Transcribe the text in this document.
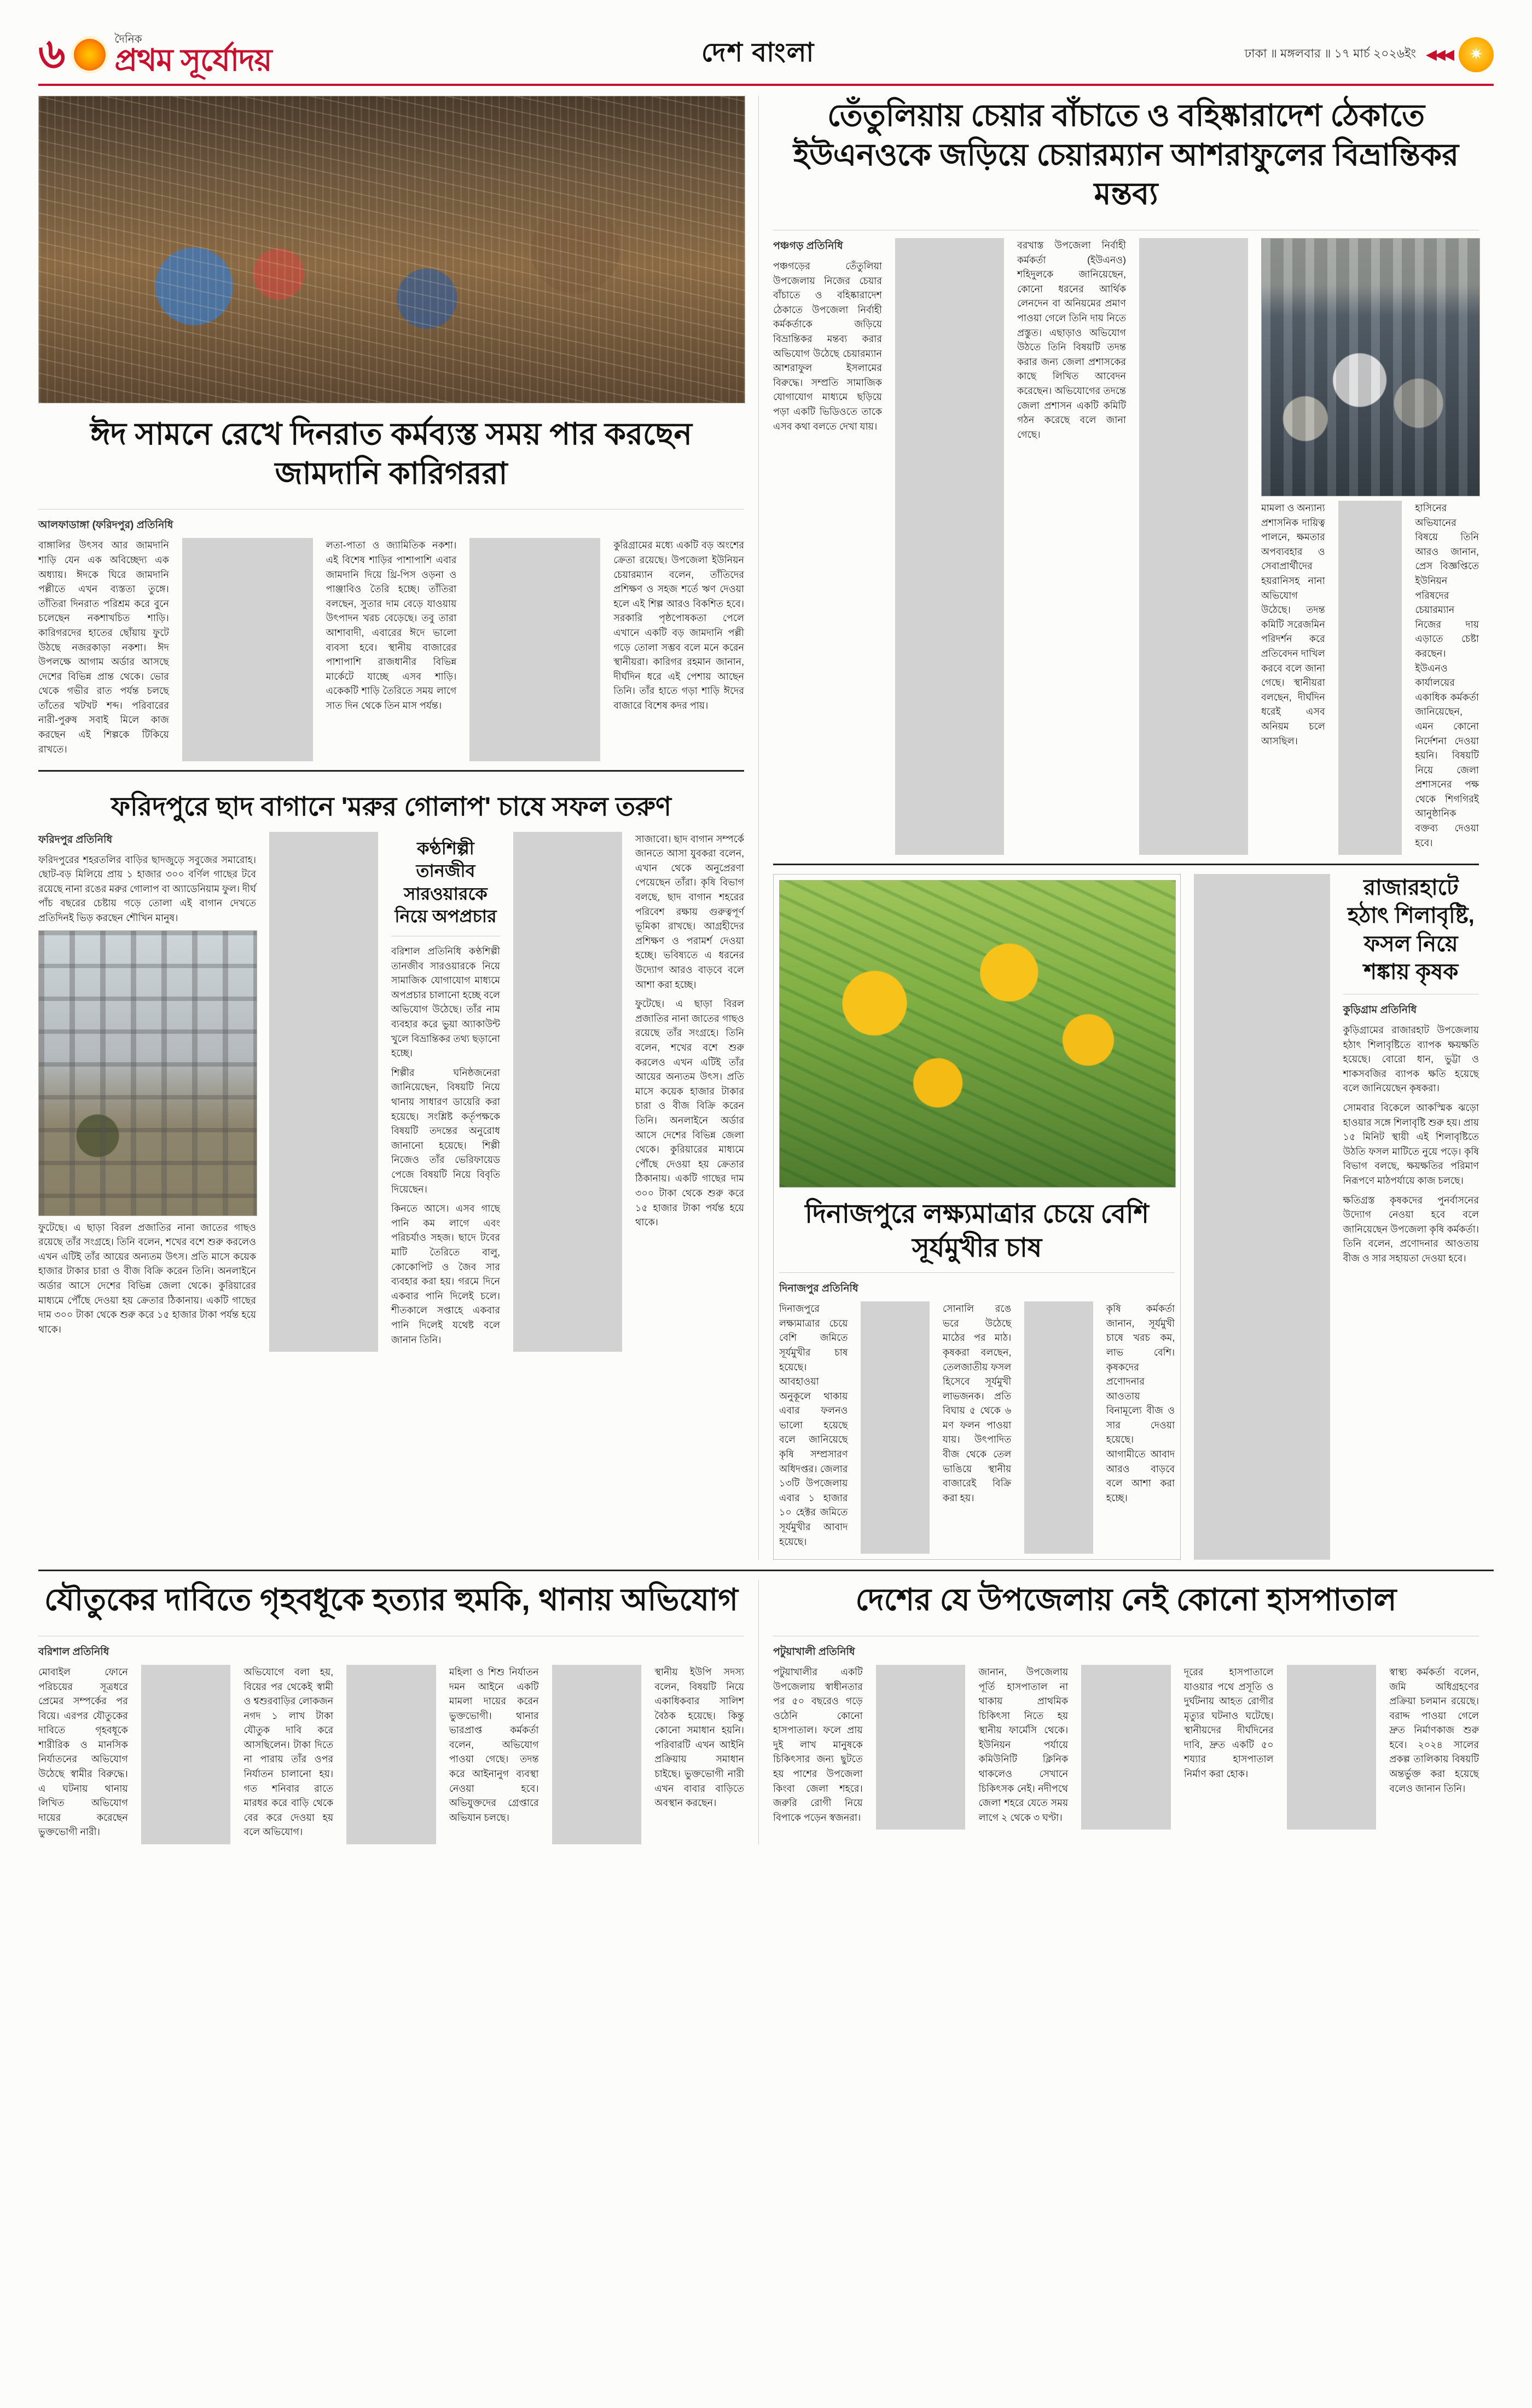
৬	দৈনিক
প্রথম সূর্যোদয়	দেশ বাংলা	ঢাকা ॥ মঙ্গলবার ॥ ১৭ মার্চ ২০২৬ইং ◀◀◀	✷
ঈদ সামনে রেখে দিনরাত কর্মব্যস্ত সময় পার করছেন জামদানি কারিগররা
আলফাডাঙ্গা (ফরিদপুর) প্রতিনিধি

বাঙ্গালির উৎসব আর জামদানি শাড়ি যেন এক অবিচ্ছেদ্য এক অধ্যায়। ঈদকে ঘিরে জামদানি পল্লীতে এখন ব্যস্ততা তুঙ্গে। তাঁতিরা দিনরাত পরিশ্রম করে বুনে চলেছেন নকশাখচিত শাড়ি। কারিগরদের হাতের ছোঁয়ায় ফুটে উঠছে নজরকাড়া নকশা। ঈদ উপলক্ষে আগাম অর্ডার আসছে দেশের বিভিন্ন প্রান্ত থেকে। ভোর থেকে গভীর রাত পর্যন্ত চলছে তাঁতের খটখট শব্দ। পরিবারের নারী-পুরুষ সবাই মিলে কাজ করছেন এই শিল্পকে টিকিয়ে রাখতে।

লতা-পাতা ও জ্যামিতিক নকশা। এই বিশেষ শাড়ির পাশাপাশি এবার জামদানি দিয়ে থ্রি-পিস ওড়না ও পাঞ্জাবিও তৈরি হচ্ছে। তাঁতিরা বলছেন, সুতার দাম বেড়ে যাওয়ায় উৎপাদন খরচ বেড়েছে। তবু তারা আশাবাদী, এবারের ঈদে ভালো ব্যবসা হবে। স্থানীয় বাজারের পাশাপাশি রাজধানীর বিভিন্ন মার্কেটে যাচ্ছে এসব শাড়ি। একেকটি শাড়ি তৈরিতে সময় লাগে সাত দিন থেকে তিন মাস পর্যন্ত।

কুরিগ্রামের মধ্যে একটি বড় অংশের ক্রেতা রয়েছে। উপজেলা ইউনিয়ন চেয়ারম্যান বলেন, তাঁতিদের প্রশিক্ষণ ও সহজ শর্তে ঋণ দেওয়া হলে এই শিল্প আরও বিকশিত হবে। সরকারি পৃষ্ঠপোষকতা পেলে এখানে একটি বড় জামদানি পল্লী গড়ে তোলা সম্ভব বলে মনে করেন স্থানীয়রা। কারিগর রহমান জানান, দীর্ঘদিন ধরে এই পেশায় আছেন তিনি। তাঁর হাতে গড়া শাড়ি ঈদের বাজারে বিশেষ কদর পায়।

ফরিদপুরে ছাদ বাগানে 'মরুর গোলাপ' চাষে সফল তরুণ
ফরিদপুর প্রতিনিধি

ফরিদপুরের শহরতলির বাড়ির ছাদজুড়ে সবুজের সমারোহ। ছোট-বড় মিলিয়ে প্রায় ১ হাজার ৩০০ বর্ণিল গাছের টবে রয়েছে নানা রঙের মরুর গোলাপ বা অ্যাডেনিয়াম ফুল। দীর্ঘ পাঁচ বছরের চেষ্টায় গড়ে তোলা এই বাগান দেখতে প্রতিদিনই ভিড় করছেন শৌখিন মানুষ।

ফুটেছে। এ ছাড়া বিরল প্রজাতির নানা জাতের গাছও রয়েছে তাঁর সংগ্রহে। তিনি বলেন, শখের বশে শুরু করলেও এখন এটিই তাঁর আয়ের অন্যতম উৎস। প্রতি মাসে কয়েক হাজার টাকার চারা ও বীজ বিক্রি করেন তিনি। অনলাইনে অর্ডার আসে দেশের বিভিন্ন জেলা থেকে। কুরিয়ারের মাধ্যমে পৌঁছে দেওয়া হয় ক্রেতার ঠিকানায়। একটি গাছের দাম ৩০০ টাকা থেকে শুরু করে ১৫ হাজার টাকা পর্যন্ত হয়ে থাকে।

কণ্ঠশিল্পী তানজীব সারওয়ারকে নিয়ে অপপ্রচার

বরিশাল প্রতিনিধি কণ্ঠশিল্পী তানজীব সারওয়ারকে নিয়ে সামাজিক যোগাযোগ মাধ্যমে অপপ্রচার চালানো হচ্ছে বলে অভিযোগ উঠেছে। তাঁর নাম ব্যবহার করে ভুয়া অ্যাকাউন্ট খুলে বিভ্রান্তিকর তথ্য ছড়ানো হচ্ছে।

শিল্পীর ঘনিষ্ঠজনেরা জানিয়েছেন, বিষয়টি নিয়ে থানায় সাধারণ ডায়েরি করা হয়েছে। সংশ্লিষ্ট কর্তৃপক্ষকে বিষয়টি তদন্তের অনুরোধ জানানো হয়েছে। শিল্পী নিজেও তাঁর ভেরিফায়েড পেজে বিষয়টি নিয়ে বিবৃতি দিয়েছেন।

কিনতে আসে। এসব গাছে পানি কম লাগে এবং পরিচর্যাও সহজ। ছাদে টবের মাটি তৈরিতে বালু, কোকোপিট ও জৈব সার ব্যবহার করা হয়। গরমে দিনে একবার পানি দিলেই চলে। শীতকালে সপ্তাহে একবার পানি দিলেই যথেষ্ট বলে জানান তিনি।

সাজাবো। ছাদ বাগান সম্পর্কে জানতে আসা যুবকরা বলেন, এখান থেকে অনুপ্রেরণা পেয়েছেন তাঁরা। কৃষি বিভাগ বলছে, ছাদ বাগান শহরের পরিবেশ রক্ষায় গুরুত্বপূর্ণ ভূমিকা রাখছে। আগ্রহীদের প্রশিক্ষণ ও পরামর্শ দেওয়া হচ্ছে। ভবিষ্যতে এ ধরনের উদ্যোগ আরও বাড়বে বলে আশা করা হচ্ছে।

ফুটেছে। এ ছাড়া বিরল প্রজাতির নানা জাতের গাছও রয়েছে তাঁর সংগ্রহে। তিনি বলেন, শখের বশে শুরু করলেও এখন এটিই তাঁর আয়ের অন্যতম উৎস। প্রতি মাসে কয়েক হাজার টাকার চারা ও বীজ বিক্রি করেন তিনি। অনলাইনে অর্ডার আসে দেশের বিভিন্ন জেলা থেকে। কুরিয়ারের মাধ্যমে পৌঁছে দেওয়া হয় ক্রেতার ঠিকানায়। একটি গাছের দাম ৩০০ টাকা থেকে শুরু করে ১৫ হাজার টাকা পর্যন্ত হয়ে থাকে।

তেঁতুলিয়ায় চেয়ার বাঁচাতে ও বহিষ্কারাদেশ ঠেকাতে ইউএনওকে জড়িয়ে চেয়ারম্যান আশরাফুলের বিভ্রান্তিকর মন্তব্য
পঞ্চগড় প্রতিনিধি

পঞ্চগড়ের তেঁতুলিয়া উপজেলায় নিজের চেয়ার বাঁচাতে ও বহিষ্কারাদেশ ঠেকাতে উপজেলা নির্বাহী কর্মকর্তাকে জড়িয়ে বিভ্রান্তিকর মন্তব্য করার অভিযোগ উঠেছে চেয়ারম্যান আশরাফুল ইসলামের বিরুদ্ধে। সম্প্রতি সামাজিক যোগাযোগ মাধ্যমে ছড়িয়ে পড়া একটি ভিডিওতে তাকে এসব কথা বলতে দেখা যায়।

বরখাস্ত উপজেলা নির্বাহী কর্মকর্তা (ইউএনও) শহিদুলকে জানিয়েছেন, কোনো ধরনের আর্থিক লেনদেন বা অনিয়মের প্রমাণ পাওয়া গেলে তিনি দায় নিতে প্রস্তুত। এছাড়াও অভিযোগ উঠতে তিনি বিষয়টি তদন্ত করার জন্য জেলা প্রশাসকের কাছে লিখিত আবেদন করেছেন। অভিযোগের তদন্তে জেলা প্রশাসন একটি কমিটি গঠন করেছে বলে জানা গেছে।

মামলা ও অন্যান্য প্রশাসনিক দায়িত্ব পালনে, ক্ষমতার অপব্যবহার ও সেবাপ্রার্থীদের হয়রানিসহ নানা অভিযোগ উঠেছে। তদন্ত কমিটি সরেজমিন পরিদর্শন করে প্রতিবেদন দাখিল করবে বলে জানা গেছে। স্থানীয়রা বলছেন, দীর্ঘদিন ধরেই এসব অনিয়ম চলে আসছিল।

হাসিনের অভিযানের বিষয়ে তিনি আরও জানান, প্রেস বিজ্ঞপ্তিতে ইউনিয়ন পরিষদের চেয়ারম্যান নিজের দায় এড়াতে চেষ্টা করছেন। ইউএনও কার্যালয়ের একাধিক কর্মকর্তা জানিয়েছেন, এমন কোনো নির্দেশনা দেওয়া হয়নি। বিষয়টি নিয়ে জেলা প্রশাসনের পক্ষ থেকে শিগগিরই আনুষ্ঠানিক বক্তব্য দেওয়া হবে।

দিনাজপুরে লক্ষ্যমাত্রার চেয়ে বেশি সূর্যমুখীর চাষ
দিনাজপুর প্রতিনিধি

দিনাজপুরে লক্ষ্যমাত্রার চেয়ে বেশি জমিতে সূর্যমুখীর চাষ হয়েছে। আবহাওয়া অনুকূলে থাকায় এবার ফলনও ভালো হয়েছে বলে জানিয়েছে কৃষি সম্প্রসারণ অধিদপ্তর। জেলার ১৩টি উপজেলায় এবার ১ হাজার ১০ হেক্টর জমিতে সূর্যমুখীর আবাদ হয়েছে।

সোনালি রঙে ভরে উঠেছে মাঠের পর মাঠ। কৃষকরা বলছেন, তেলজাতীয় ফসল হিসেবে সূর্যমুখী লাভজনক। প্রতি বিঘায় ৫ থেকে ৬ মণ ফলন পাওয়া যায়। উৎপাদিত বীজ থেকে তেল ভাঙিয়ে স্থানীয় বাজারেই বিক্রি করা হয়।

কৃষি কর্মকর্তা জানান, সূর্যমুখী চাষে খরচ কম, লাভ বেশি। কৃষকদের প্রণোদনার আওতায় বিনামূল্যে বীজ ও সার দেওয়া হয়েছে। আগামীতে আবাদ আরও বাড়বে বলে আশা করা হচ্ছে।

রাজারহাটে হঠাৎ শিলাবৃষ্টি, ফসল নিয়ে শঙ্কায় কৃষক
কুড়িগ্রাম প্রতিনিধি

কুড়িগ্রামের রাজারহাট উপজেলায় হঠাৎ শিলাবৃষ্টিতে ব্যাপক ক্ষয়ক্ষতি হয়েছে। বোরো ধান, ভুট্টা ও শাকসবজির ব্যাপক ক্ষতি হয়েছে বলে জানিয়েছেন কৃষকরা।

সোমবার বিকেলে আকস্মিক ঝড়ো হাওয়ার সঙ্গে শিলাবৃষ্টি শুরু হয়। প্রায় ১৫ মিনিট স্থায়ী এই শিলাবৃষ্টিতে উঠতি ফসল মাটিতে নুয়ে পড়ে। কৃষি বিভাগ বলছে, ক্ষয়ক্ষতির পরিমাণ নিরূপণে মাঠপর্যায়ে কাজ চলছে।

ক্ষতিগ্রস্ত কৃষকদের পুনর্বাসনের উদ্যোগ নেওয়া হবে বলে জানিয়েছেন উপজেলা কৃষি কর্মকর্তা। তিনি বলেন, প্রণোদনার আওতায় বীজ ও সার সহায়তা দেওয়া হবে।

যৌতুকের দাবিতে গৃহবধূকে হত্যার হুমকি, থানায় অভিযোগ
বরিশাল প্রতিনিধি

মোবাইল ফোনে পরিচয়ের সূত্রধরে প্রেমের সম্পর্কের পর বিয়ে। এরপর যৌতুকের দাবিতে গৃহবধূকে শারীরিক ও মানসিক নির্যাতনের অভিযোগ উঠেছে স্বামীর বিরুদ্ধে। এ ঘটনায় থানায় লিখিত অভিযোগ দায়ের করেছেন ভুক্তভোগী নারী।

অভিযোগে বলা হয়, বিয়ের পর থেকেই স্বামী ও শ্বশুরবাড়ির লোকজন নগদ ১ লাখ টাকা যৌতুক দাবি করে আসছিলেন। টাকা দিতে না পারায় তাঁর ওপর নির্যাতন চালানো হয়। গত শনিবার রাতে মারধর করে বাড়ি থেকে বের করে দেওয়া হয় বলে অভিযোগ।

মহিলা ও শিশু নির্যাতন দমন আইনে একটি মামলা দায়ের করেন ভুক্তভোগী। থানার ভারপ্রাপ্ত কর্মকর্তা বলেন, অভিযোগ পাওয়া গেছে। তদন্ত করে আইনানুগ ব্যবস্থা নেওয়া হবে। অভিযুক্তদের গ্রেপ্তারে অভিযান চলছে।

স্থানীয় ইউপি সদস্য বলেন, বিষয়টি নিয়ে একাধিকবার সালিশ বৈঠক হয়েছে। কিন্তু কোনো সমাধান হয়নি। পরিবারটি এখন আইনি প্রক্রিয়ায় সমাধান চাইছে। ভুক্তভোগী নারী এখন বাবার বাড়িতে অবস্থান করছেন।

দেশের যে উপজেলায় নেই কোনো হাসপাতাল
পটুয়াখালী প্রতিনিধি

পটুয়াখালীর একটি উপজেলায় স্বাধীনতার পর ৫০ বছরেও গড়ে ওঠেনি কোনো হাসপাতাল। ফলে প্রায় দুই লাখ মানুষকে চিকিৎসার জন্য ছুটতে হয় পাশের উপজেলা কিংবা জেলা শহরে। জরুরি রোগী নিয়ে বিপাকে পড়েন স্বজনরা।

জানান, উপজেলায় পূর্তি হাসপাতাল না থাকায় প্রাথমিক চিকিৎসা নিতে হয় স্থানীয় ফার্মেসি থেকে। ইউনিয়ন পর্যায়ে কমিউনিটি ক্লিনিক থাকলেও সেখানে চিকিৎসক নেই। নদীপথে জেলা শহরে যেতে সময় লাগে ২ থেকে ৩ ঘণ্টা।

দূরের হাসপাতালে যাওয়ার পথে প্রসূতি ও দুর্ঘটনায় আহত রোগীর মৃত্যুর ঘটনাও ঘটেছে। স্থানীয়দের দীর্ঘদিনের দাবি, দ্রুত একটি ৫০ শয্যার হাসপাতাল নির্মাণ করা হোক।

স্বাস্থ্য কর্মকর্তা বলেন, জমি অধিগ্রহণের প্রক্রিয়া চলমান রয়েছে। বরাদ্দ পাওয়া গেলে দ্রুত নির্মাণকাজ শুরু হবে। ২০২৪ সালের প্রকল্প তালিকায় বিষয়টি অন্তর্ভুক্ত করা হয়েছে বলেও জানান তিনি।
